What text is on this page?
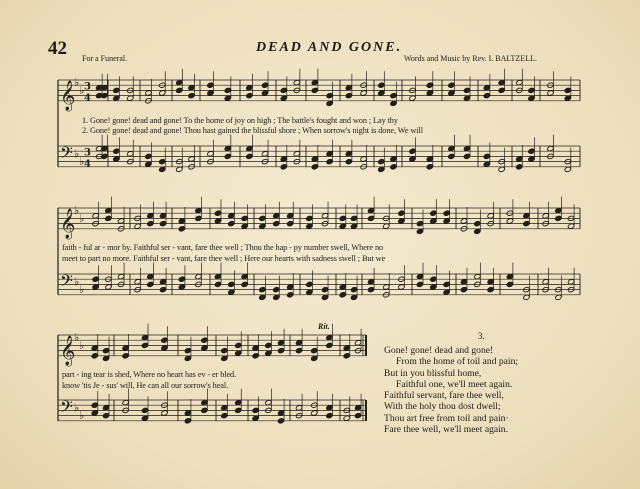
42 For a Funeral.
DEAD AND GONE.
Words and Music by Rev. I. BALTZELL.
𝄞
♭
♭ 3
4
𝄢 ♭
♭
3
4
𝄞
♭
♭
𝄢 ♭
♭
𝄞
♭
♭
𝄢 ♭
♭
1. Gone! gone! dead and gone! To the home of joy on high ; The battle's fought and won ; Lay thy
2. Gone! gone! dead and gone! Thou hast gained the blissful shore ; When sorrow's night is done, We will
faith - ful ar - mor by. Faithful ser - vant, fare thee well ; Thou the hap - py number swell, Where no
meet to part no more. Faithful ser - vant, fare thee well ; Here our hearts with sadness swell ; But we
Rit.
part - ing tear is shed, Where no heart has ev - er bled.
know 'tis Je - sus' will, He can all our sorrow's heal.
3.
Gone! gone! dead and gone!
From the home of toil and pain;
But in you blissful home,
Faithful one, we'll meet again.
Faithful servant, fare thee well,
With the holy thou dost dwell;
Thou art free from toil and pain·
Fare thee well, we'll meet again.
